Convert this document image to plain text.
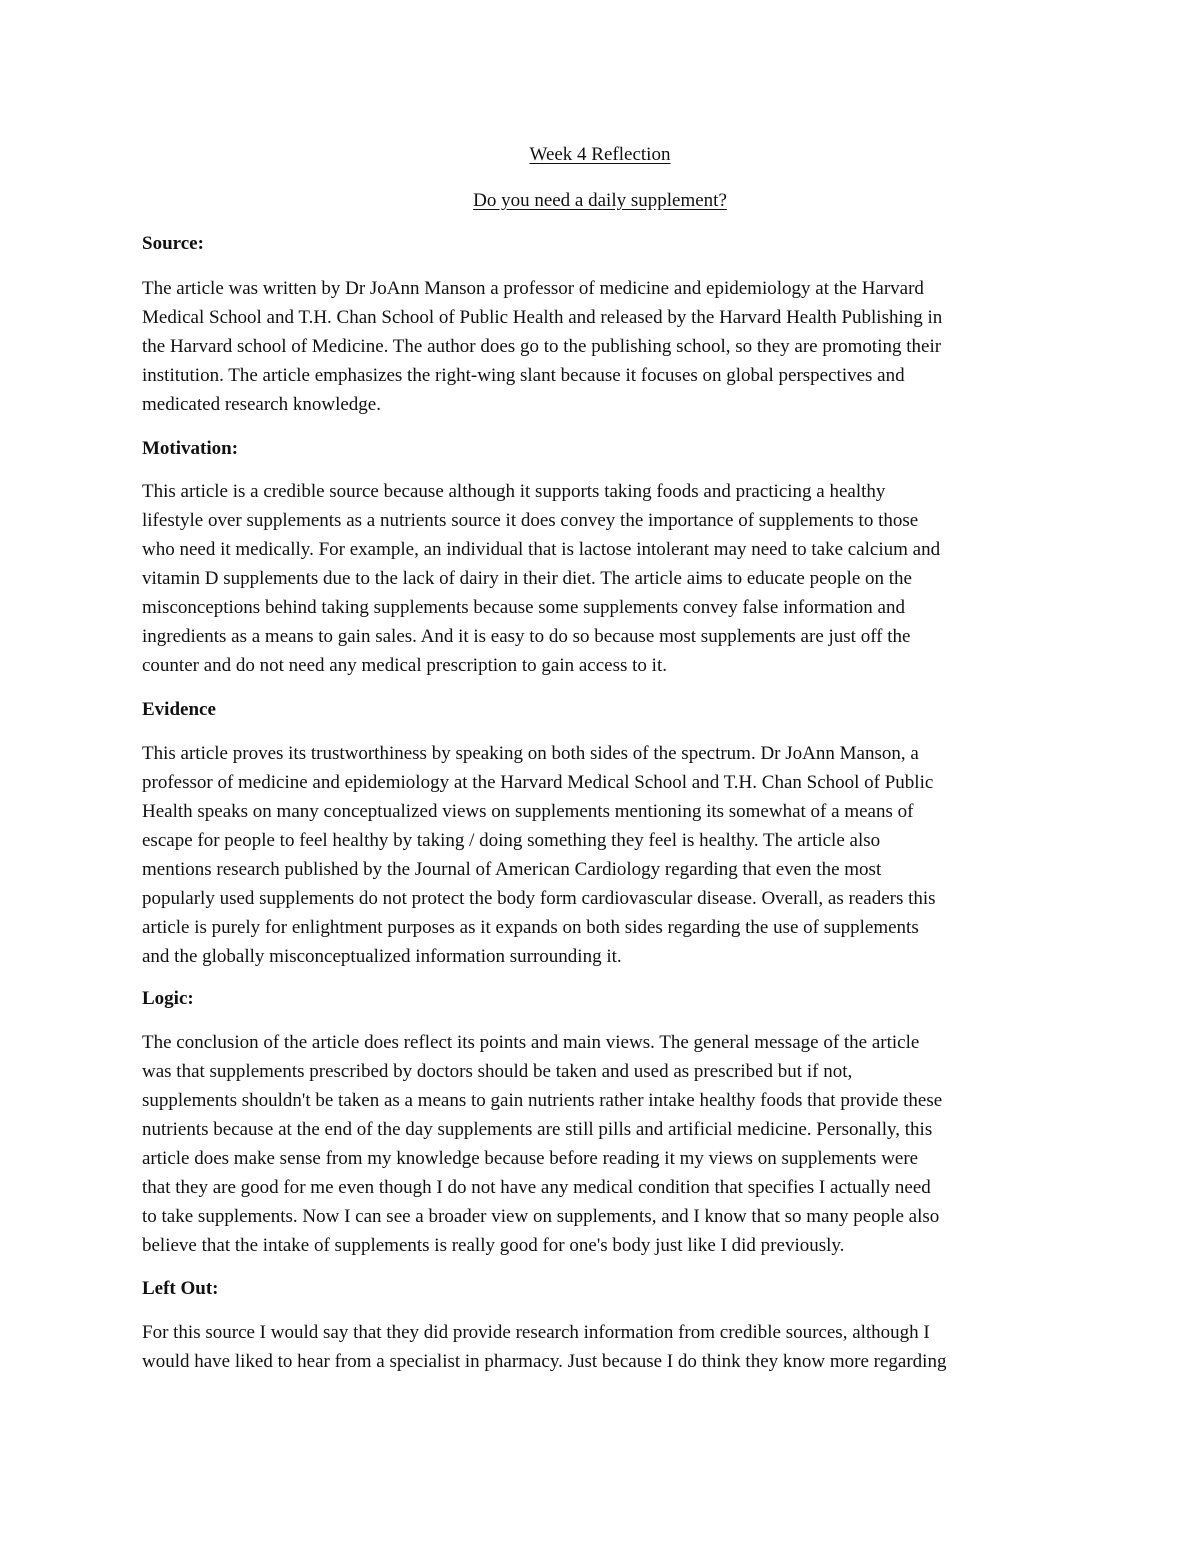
Week 4 Reflection
Do you need a daily supplement?
Source:
The article was written by Dr JoAnn Manson a professor of medicine and epidemiology at the Harvard
Medical School and T.H. Chan School of Public Health and released by the Harvard Health Publishing in
the Harvard school of Medicine. The author does go to the publishing school, so they are promoting their
institution. The article emphasizes the right-wing slant because it focuses on global perspectives and
medicated research knowledge.
Motivation:
This article is a credible source because although it supports taking foods and practicing a healthy
lifestyle over supplements as a nutrients source it does convey the importance of supplements to those
who need it medically. For example, an individual that is lactose intolerant may need to take calcium and
vitamin D supplements due to the lack of dairy in their diet. The article aims to educate people on the
misconceptions behind taking supplements because some supplements convey false information and
ingredients as a means to gain sales. And it is easy to do so because most supplements are just off the
counter and do not need any medical prescription to gain access to it.
Evidence
This article proves its trustworthiness by speaking on both sides of the spectrum. Dr JoAnn Manson, a
professor of medicine and epidemiology at the Harvard Medical School and T.H. Chan School of Public
Health speaks on many conceptualized views on supplements mentioning its somewhat of a means of
escape for people to feel healthy by taking / doing something they feel is healthy. The article also
mentions research published by the Journal of American Cardiology regarding that even the most
popularly used supplements do not protect the body form cardiovascular disease. Overall, as readers this
article is purely for enlightment purposes as it expands on both sides regarding the use of supplements
and the globally misconceptualized information surrounding it.
Logic:
The conclusion of the article does reflect its points and main views. The general message of the article
was that supplements prescribed by doctors should be taken and used as prescribed but if not,
supplements shouldn't be taken as a means to gain nutrients rather intake healthy foods that provide these
nutrients because at the end of the day supplements are still pills and artificial medicine. Personally, this
article does make sense from my knowledge because before reading it my views on supplements were
that they are good for me even though I do not have any medical condition that specifies I actually need
to take supplements. Now I can see a broader view on supplements, and I know that so many people also
believe that the intake of supplements is really good for one's body just like I did previously.
Left Out:
For this source I would say that they did provide research information from credible sources, although I
would have liked to hear from a specialist in pharmacy. Just because I do think they know more regarding
